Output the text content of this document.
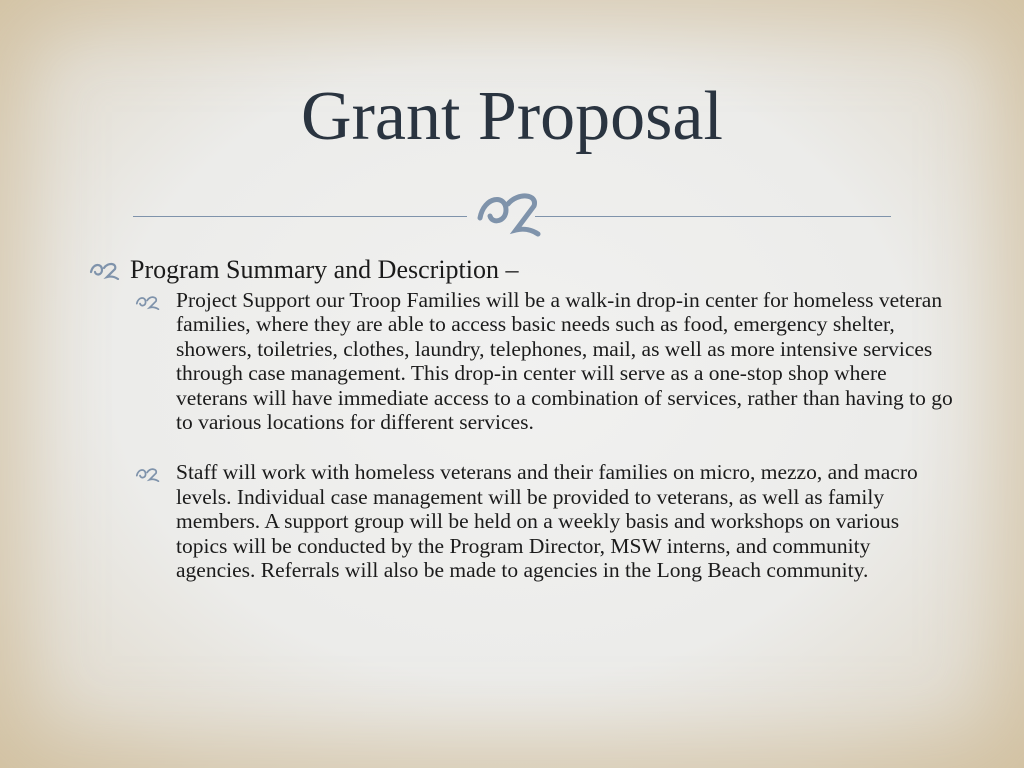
Grant Proposal
Program Summary and Description –
Project Support our Troop Families will be a walk-in drop-in center for homeless veteran families, where they are able to access basic needs such as food, emergency shelter, showers, toiletries, clothes, laundry, telephones, mail, as well as more intensive services through case management. This drop-in center will serve as a one-stop shop where veterans will have immediate access to a combination of services, rather than having to go to various locations for different services.
Staff will work with homeless veterans and their families on micro, mezzo, and macro levels. Individual case management will be provided to veterans, as well as family members. A support group will be held on a weekly basis and workshops on various topics will be conducted by the Program Director, MSW interns, and community agencies. Referrals will also be made to agencies in the Long Beach community.
